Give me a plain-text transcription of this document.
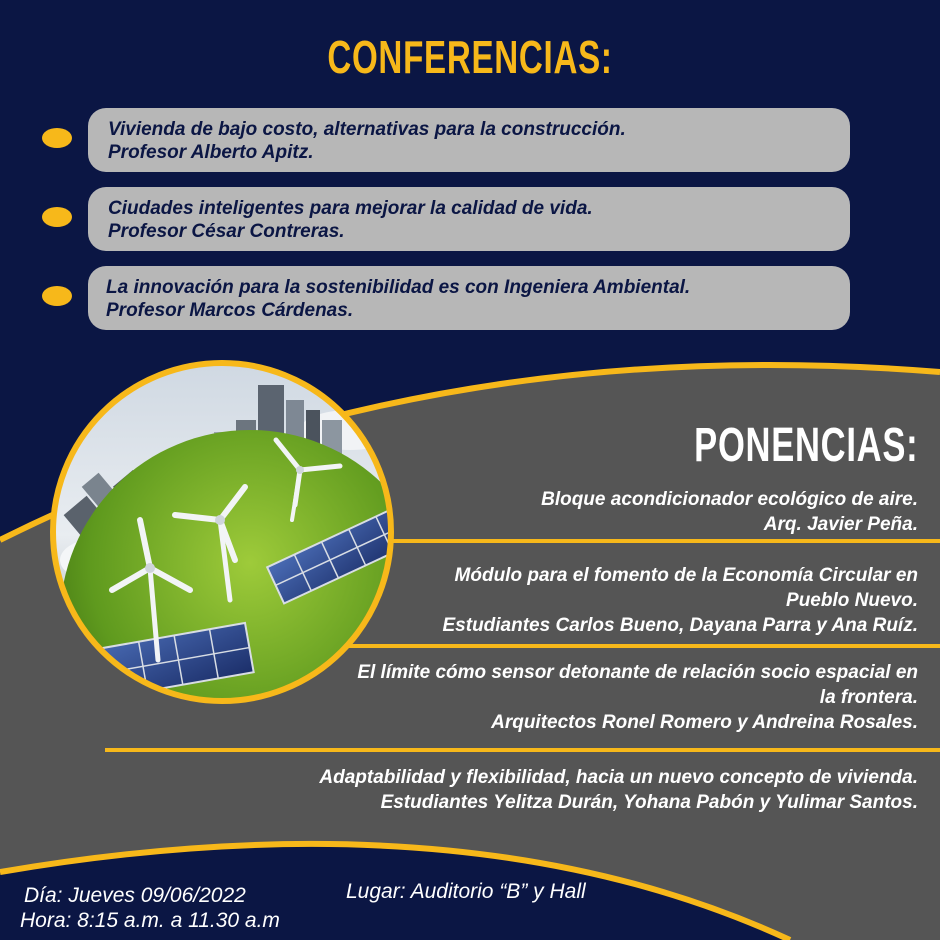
CONFERENCIAS:
Vivienda de bajo costo, alternativas para la construcción.
Profesor Alberto Apitz.
Ciudades inteligentes para mejorar la calidad de vida.
Profesor César Contreras.
La innovación para la sostenibilidad es con Ingeniera Ambiental.
Profesor Marcos Cárdenas.
PONENCIAS:
Bloque acondicionador ecológico de aire.
Arq. Javier Peña.
Módulo para el fomento de la Economía Circular en
Pueblo Nuevo.
Estudiantes Carlos Bueno, Dayana Parra y Ana Ruíz.
El límite cómo sensor detonante de relación socio espacial en
la frontera.
Arquitectos Ronel Romero y Andreina Rosales.
Adaptabilidad y flexibilidad, hacia un nuevo concepto de vivienda.
Estudiantes Yelitza Durán, Yohana Pabón y Yulimar Santos.
Día: Jueves 09/06/2022
Hora: 8:15 a.m. a 11.30 a.m
Lugar: Auditorio “B” y Hall
